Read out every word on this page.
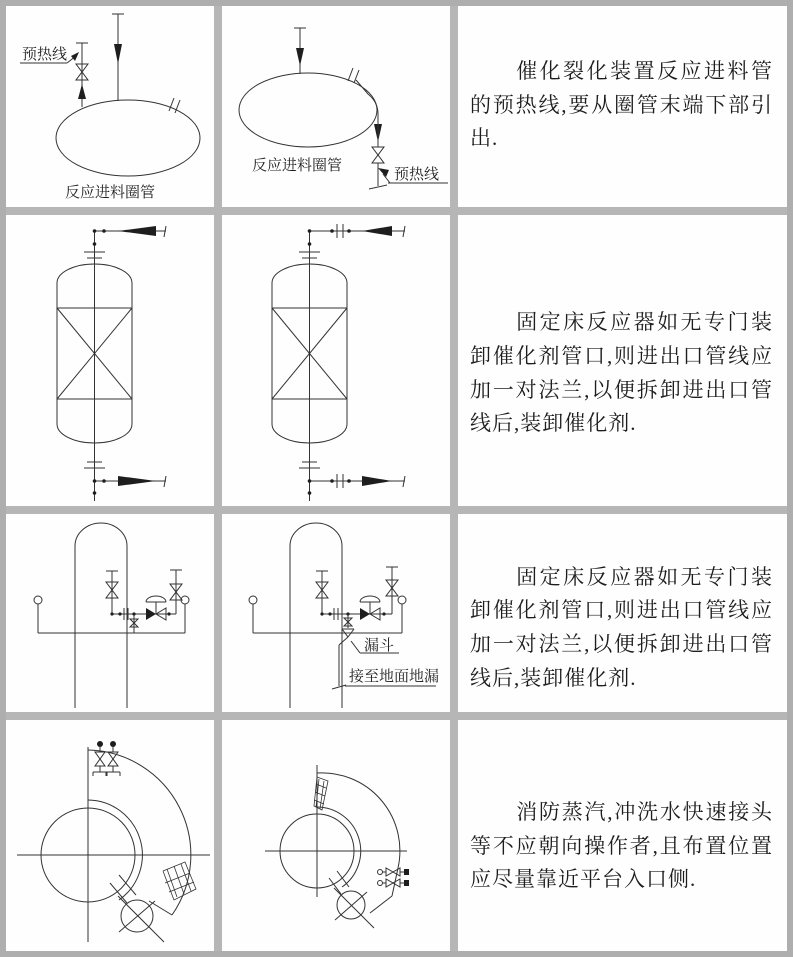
预热线
反应进料圈管
预热线
反应进料圈管

催化裂化装置反应进料管的预热线,要从圈管末端下部引出.

固定床反应器如无专门装卸催化剂管口,则进出口管线应加一对法兰,以便拆卸进出口管线后,装卸催化剂.

漏斗
接至地面地漏

固定床反应器如无专门装卸催化剂管口,则进出口管线应加一对法兰,以便拆卸进出口管线后,装卸催化剂.

消防蒸汽,冲洗水快速接头等不应朝向操作者,且布置位置应尽量靠近平台入口侧.
